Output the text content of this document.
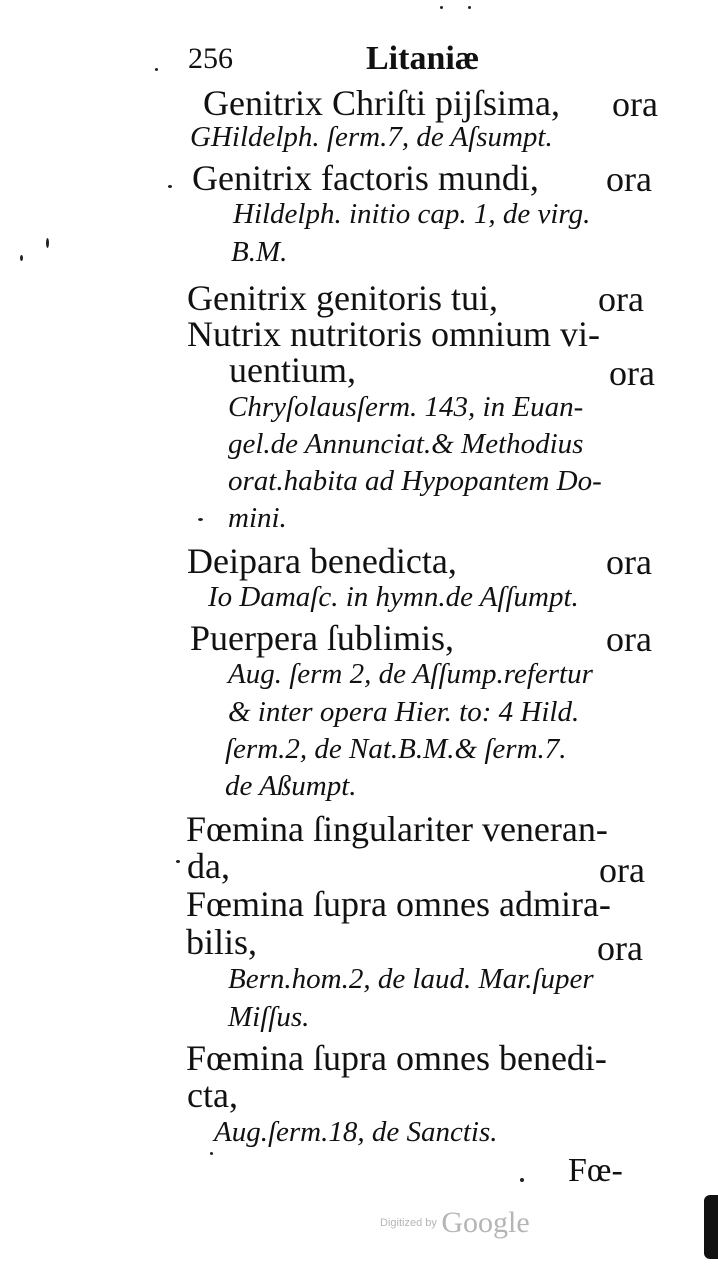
256	Litaniæ
Genitrix Chriſti pijſsima, ora
GHildelph. ſerm.7, de Aſsumpt.
Genitrix factoris mundi, ora
Hildelph. initio cap. 1, de virg.
B.M.
Genitrix genitoris tui,	ora
Nutrix nutritoris omnium vi-
uentium,	ora
Chryſolausſerm. 143, in Euan-
gel.de Annunciat.& Methodius
orat.habita ad Hypopantem Do-
mini.
Deipara benedicta,	ora
Io Damaſc. in hymn.de Aſſumpt.
Puerpera ſublimis,	ora
Aug. ſerm 2, de Aſſump.refertur
& inter opera Hier. to: 4 Hild.
ſerm.2, de Nat.B.M.& ſerm.7.
de Aßumpt.
Fœmina ſingulariter veneran-
da,	ora
Fœmina ſupra omnes admira-
bilis,	ora
Bern.hom.2, de laud. Mar.ſuper
Miſſus.
Fœmina ſupra omnes benedi-
cta,
Aug.ſerm.18, de Sanctis.
Fœ-
Digitized by Google
